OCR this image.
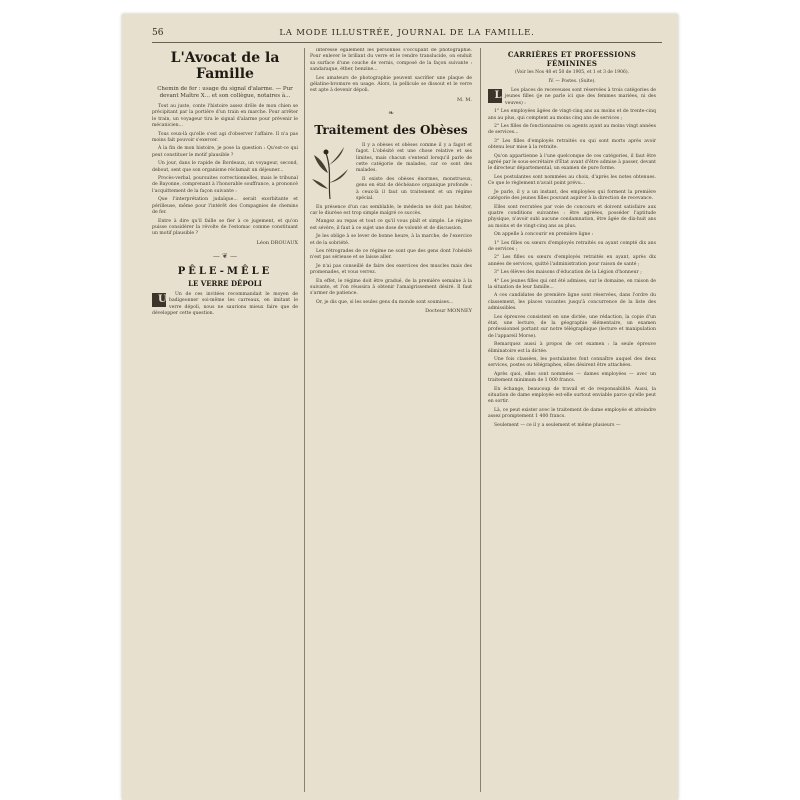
56	LA MODE ILLUSTRÉE, JOURNAL DE LA FAMILLE.
L'Avocat de la Famille
Chemin de fer : usage du signal d'alarme. — Pur devant Maître X... et son collègue, notaires à...

Tout au juste, conte l'histoire assez drôle de mon chien se précipitant par la portière d'un train en marche. Pour arrêter le train, un voyageur tira le signal d'alarme pour prévenir le mécanicien...

Tous ceux-là qu'elle s'est agi d'observer l'affaire. Il n'a pas moins fait pouvoir s'exercer.

À la fin de mon histoire, je pose la question : Qu'est-ce qui peut constituer le motif plausible ?

Un jour, dans le rapide de Bordeaux, un voyageur, second, debout, sent que son organisme réclamait un déjeuner...

Procès-verbal, poursuites correctionnelles, mais le tribunal de Bayonne, comprenant à l'honorable souffrance, a prononcé l'acquittement de la façon suivante :

Que l'interprétation judaïque... serait exorbitante et périlleuse, même pour l'intérêt des Compagnies de chemins de fer.

Entre à dire qu'il faille se fier à ce jugement, et qu'on puisse considérer la révolte de l'estomac comme constituant un motif plausible ?

Léon DROUAUX
— ❦ —
PÊLE-MÊLE
LE VERRE DÉPOLI

U Un de ces invitées recommandait le moyen de badigeonner soi-même les carreaux, en imitant le verre dépoli, nous ne saurions mieux faire que de développer cette question.

intéresse également les personnes s'occupant de photographie. Pour enlever le brillant du verre et le rendre translucide, on enduit sa surface d'une couche de vernis, composé de la façon suivante : sandaraque, éther, benzine...

Les amateurs de photographie peuvent sacrifier une plaque de gélatine-bromure en usage. Alors, la pellicule se dissout et le verre est apte à devenir dépoli.

M. M.
❧
Traitement des Obèses

Il y a obèses et obèses comme il y a fagot et fagot. L'obésité est une chose relative et ses limites, mais chacun s'entend lorsqu'il parle de cette catégorie de malades, car ce sont des malades.

Il existe des obèses énormes, monstrueux, gens en état de déchéance organique profonde : à ceux-là il faut un traitement et un régime spécial.

En présence d'un cas semblable, le médecin ne doit pas hésiter, car le diurèse est trop simple malgré ce succès.

Mangez au repas et tout ce qu'il vous plaît et simple. Le régime est sévère, il faut à ce sujet une dose de volonté et de discussion.

Je les oblige à se lever de bonne heure, à la marche, de l'exercice et de la sobriété.

Les rétrogrades de ce régime ne sont que des gens dont l'obésité n'est pas sérieuse et se laisse aller.

Je n'ai pas conseillé de faire des exercices des muscles mais des promenades, et vous verrez.

En effet, le régime doit être gradué, de la première semaine à la suivante, et l'on réussira à obtenir l'amaigrissement désiré. Il faut s'armer de patience.

Or, je dis que, si les seules gens du monde sont soumises...

Docteur MONNEY
CARRIÈRES ET PROFESSIONS FÉMININES
(Voir les Nos 48 et 50 de 1905, et 1 et 3 de 1906).
IV. — Postes. (Suite).

L Les places de receveuses sont réservées à trois catégories de jeunes filles (je ne parle ici que des femmes mariées, ni des veuves) :

1° Les employées âgées de vingt-cinq ans au moins et de trente-cinq ans au plus, qui comptent au moins cinq ans de services ;

2° Les filles de fonctionnaires ou agents ayant au moins vingt années de services...

3° Les filles d'employés retraités ou qui sont morts après avoir obtenu leur mise à la retraite.

Qu'on appartienne à l'une quelconque de ces catégories, il faut être agréé par le sous-secrétaire d'État avant d'être admise à passer, devant le directeur départemental, un examen de pure forme.

Les postulantes sont nommées au choix, d'après les notes obtenues. Ce que le règlement n'avait point prévu...

Je parle, il y a un instant, des employées qui forment la première catégorie des jeunes filles pouvant aspirer à la direction de recevance.

Elles sont recrutées par voie de concours et doivent satisfaire aux quatre conditions suivantes : être agréées, posséder l'aptitude physique, n'avoir subi aucune condamnation, être âgée de dix-huit ans au moins et de vingt-cinq ans au plus.

On appelle à concourir en première ligne :

1° Les filles ou sœurs d'employés retraités ou ayant compté dix ans de services ;

2° Les filles ou sœurs d'employés retraités en ayant, après dix années de services, quitté l'administration pour raison de santé ;

3° Les élèves des maisons d'éducation de la Légion d'honneur ;

4° Les jeunes filles qui ont été admises, sur le domaine, en raison de la situation de leur famille...

A ces candidates de première ligne sont réservées, dans l'ordre du classement, les places vacantes jusqu'à concurrence de la liste des admissibles.

Les épreuves consistent en une dictée, une rédaction, la copie d'un état, une lecture, de la géographie élémentaire, un examen professionnel portant sur notre télégraphique (lecture et manipulation de l'appareil Morse).

Remarquez aussi à propos de cet examen : la seule épreuve éliminatoire est la dictée.

Une fois classées, les postulantes font connaître auquel des deux services, postes ou télégraphes, elles désirent être attachées.

Après quoi, elles sont nommées — dames employées — avec un traitement minimum de 1 000 francs.

En échange, beaucoup de travail et de responsabilité. Aussi, la situation de dame employée est-elle surtout enviable parce qu'elle peut en sortir.

Là, ce peut exister avec le traitement de dame employée et atteindre assez promptement 1 400 francs.

Seulement — ce il y a seulement et même plusieurs —
